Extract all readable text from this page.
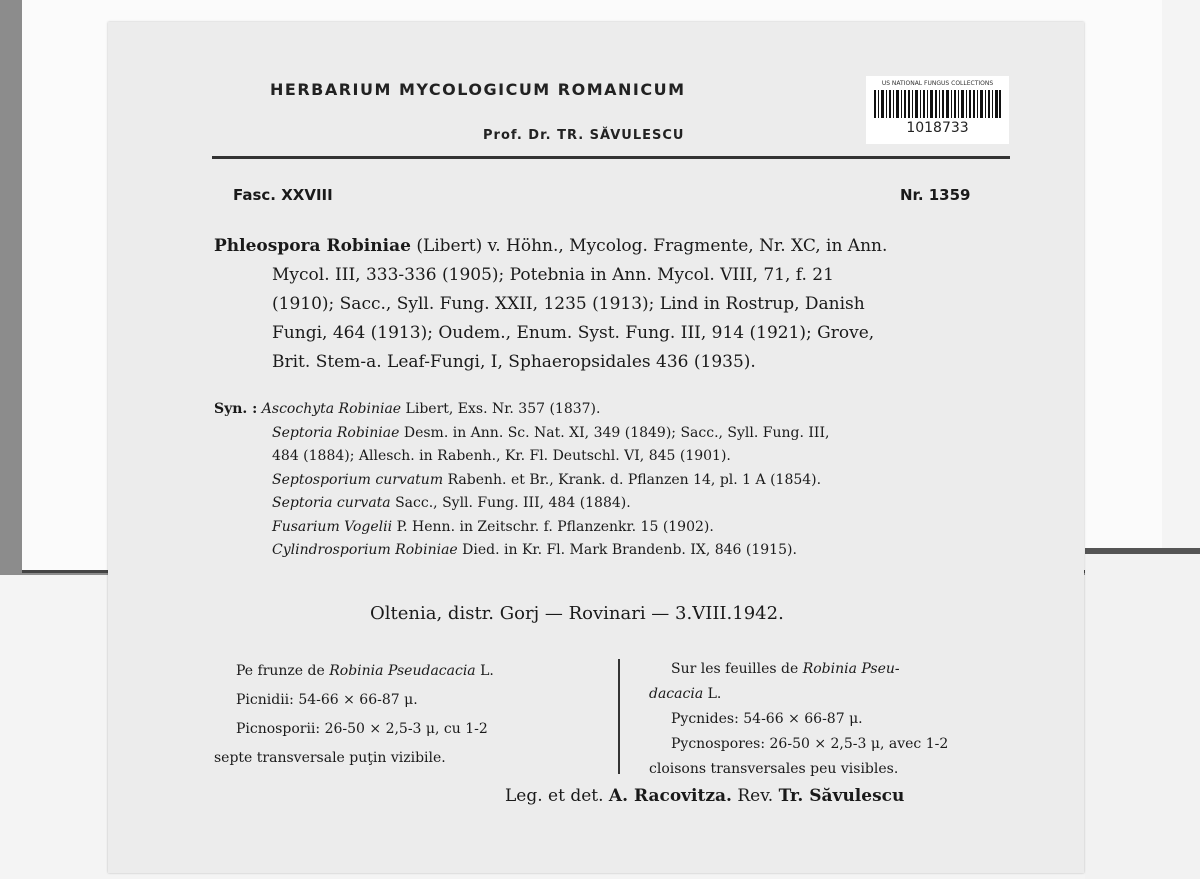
US NATIONAL FUNGUS COLLECTIONS
1018733
HERBARIUM MYCOLOGICUM ROMANICUM
Prof. Dr. TR. SĂVULESCU
Fasc. XXVIII	Nr. 1359
Phleospora Robiniae (Libert) v. Höhn., Mycolog. Fragmente, Nr. XC, in Ann.
Mycol. III, 333-336 (1905); Potebnia in Ann. Mycol. VIII, 71, f. 21
(1910); Sacc., Syll. Fung. XXII, 1235 (1913); Lind in Rostrup, Danish
Fungi, 464 (1913); Oudem., Enum. Syst. Fung. III, 914 (1921); Grove,
Brit. Stem-a. Leaf-Fungi, I, Sphaeropsidales 436 (1935).
Syn. : Ascochyta Robiniae Libert, Exs. Nr. 357 (1837).
Septoria Robiniae Desm. in Ann. Sc. Nat. XI, 349 (1849); Sacc., Syll. Fung. III,
484 (1884); Allesch. in Rabenh., Kr. Fl. Deutschl. VI, 845 (1901).
Septosporium curvatum Rabenh. et Br., Krank. d. Pflanzen 14, pl. 1 A (1854).
Septoria curvata Sacc., Syll. Fung. III, 484 (1884).
Fusarium Vogelii P. Henn. in Zeitschr. f. Pflanzenkr. 15 (1902).
Cylindrosporium Robiniae Died. in Kr. Fl. Mark Brandenb. IX, 846 (1915).
Oltenia, distr. Gorj — Rovinari — 3.VIII.1942.
Pe frunze de Robinia Pseudacacia L.
Picnidii: 54-66 × 66-87 μ.
Picnosporii: 26-50 × 2,5-3 μ, cu 1-2
septe transversale puţin vizibile.
Sur les feuilles de Robinia Pseu-
dacacia L.
Pycnides: 54-66 × 66-87 μ.
Pycnospores: 26-50 × 2,5-3 μ, avec 1-2
cloisons transversales peu visibles.
Leg. et det. A. Racovitza. Rev. Tr. Săvulescu
